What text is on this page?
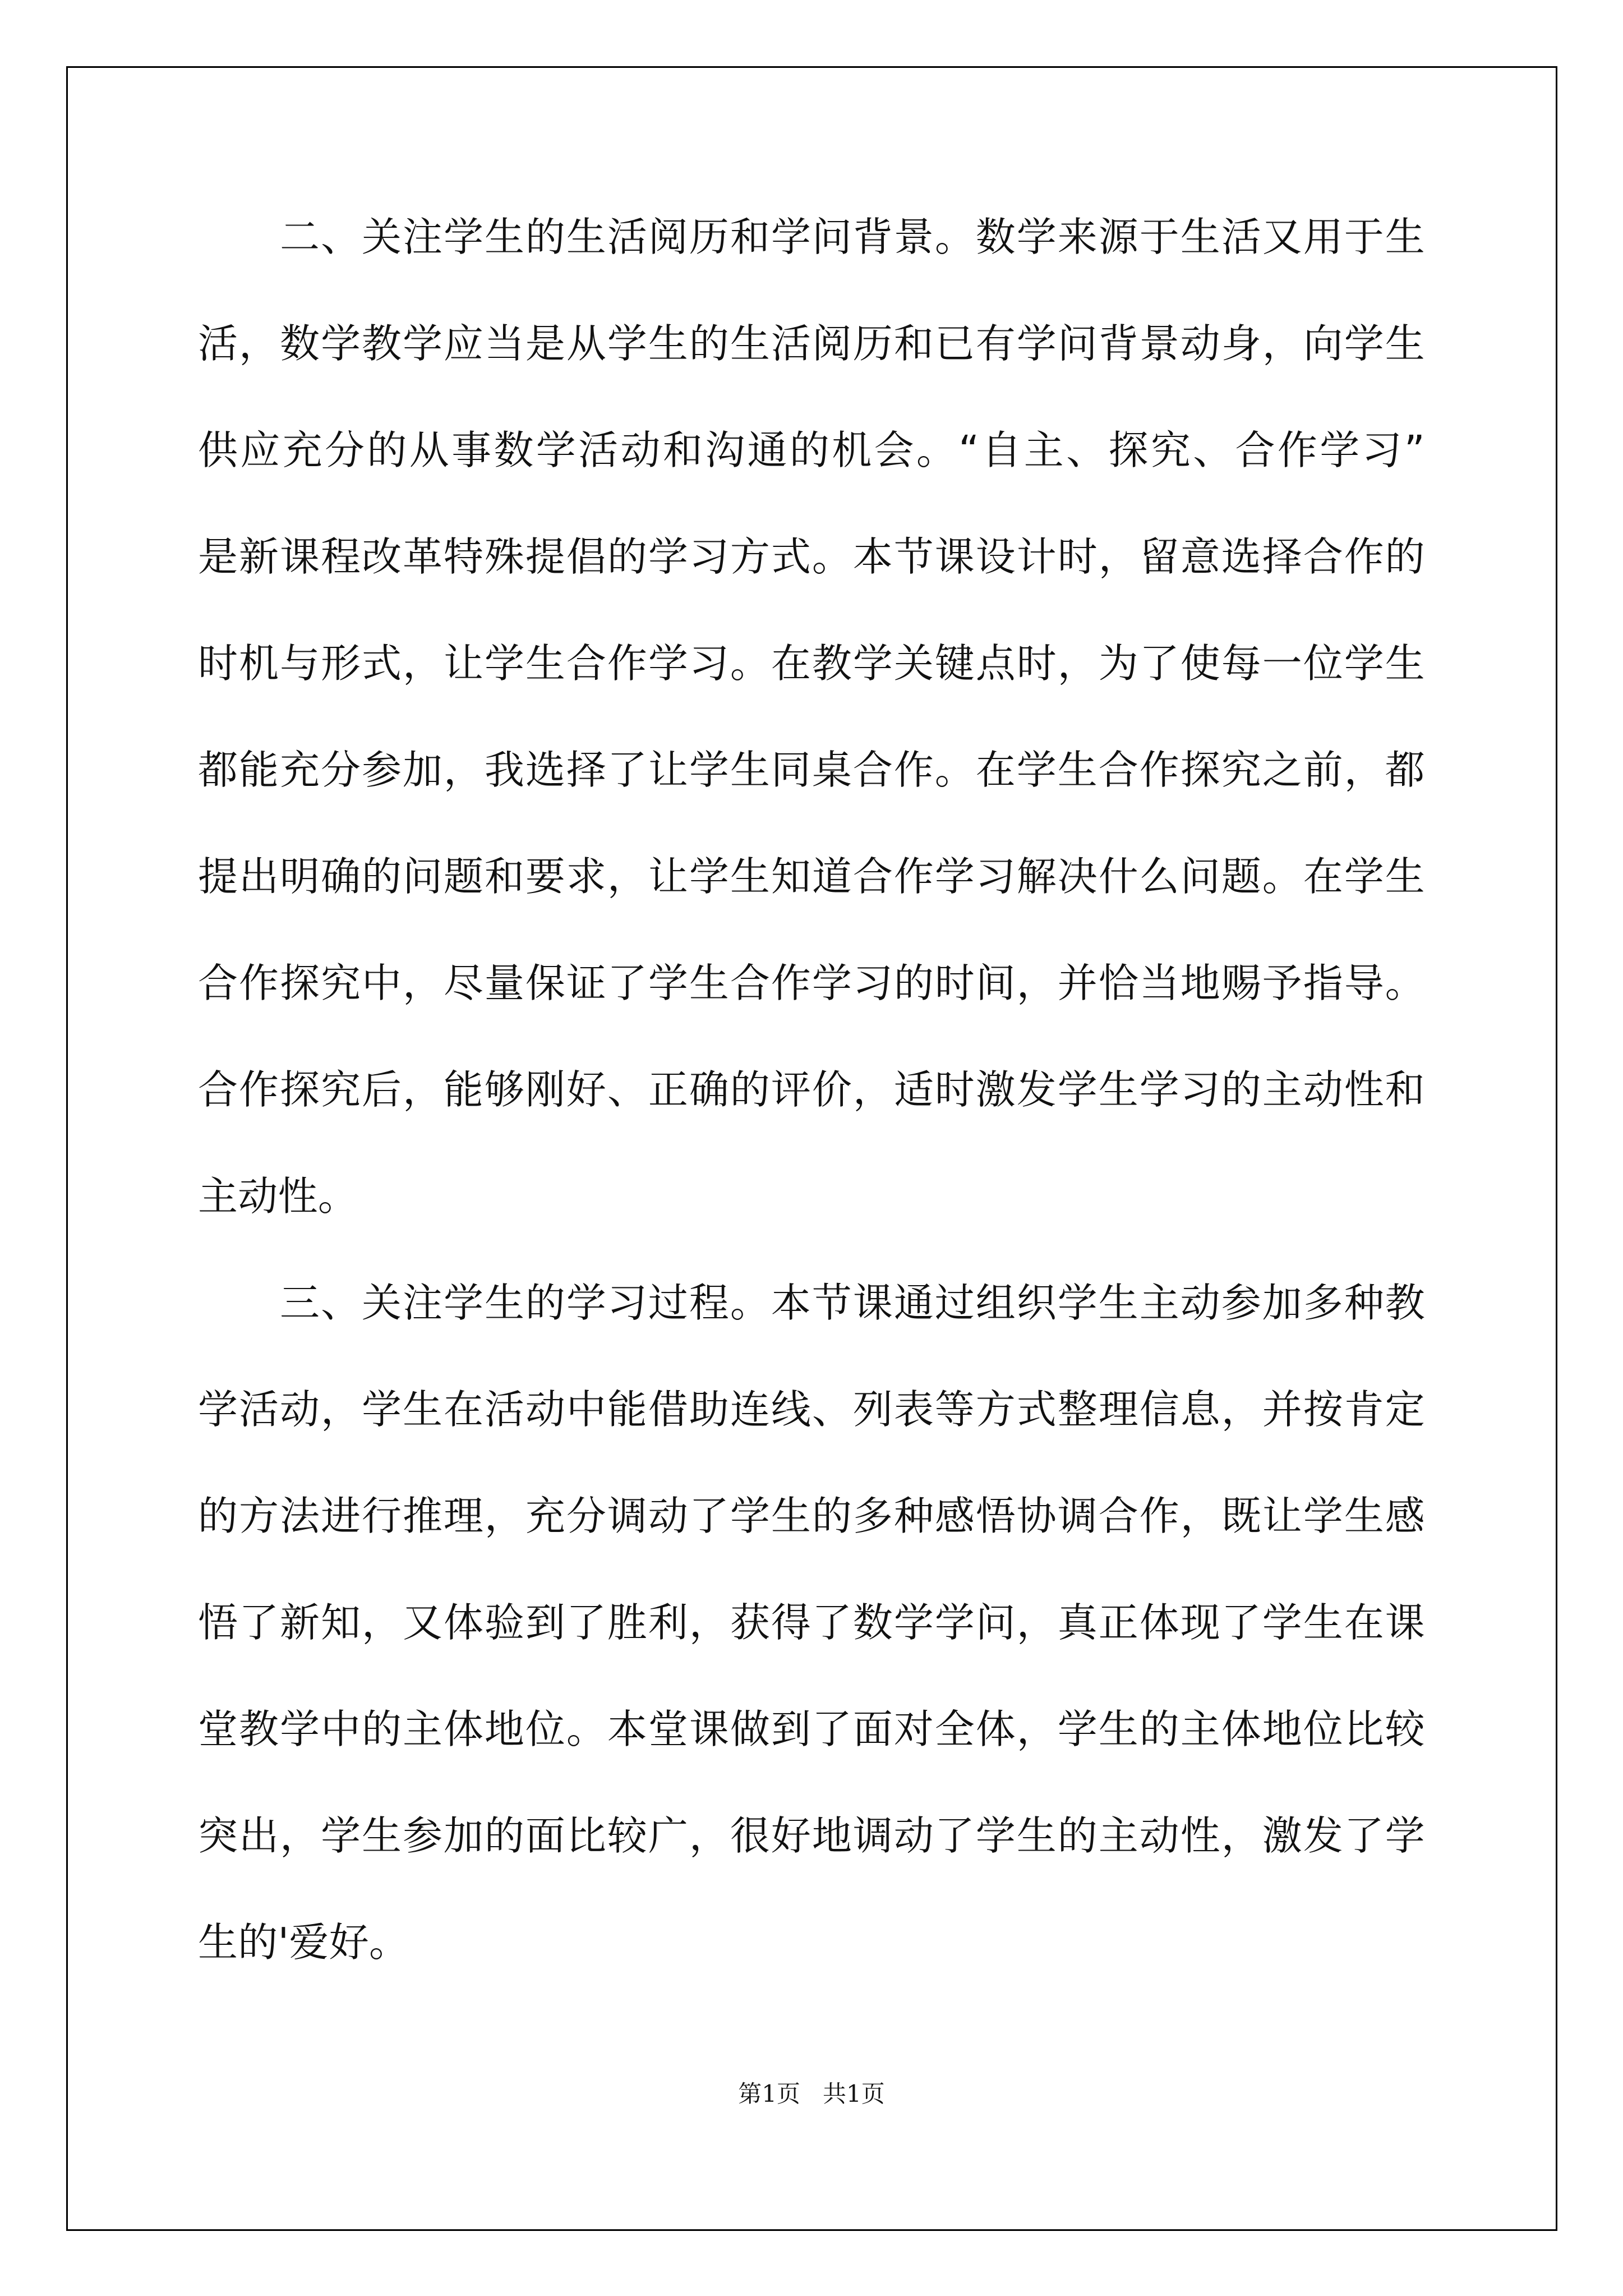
二、关注学生的生活阅历和学问背景。数学来源于生活又用于生
活，数学教学应当是从学生的生活阅历和已有学问背景动身，向学生
供应充分的从事数学活动和沟通的机会。“自主、探究、合作学习”
是新课程改革特殊提倡的学习方式。本节课设计时，留意选择合作的
时机与形式，让学生合作学习。在教学关键点时，为了使每一位学生
都能充分参加，我选择了让学生同桌合作。在学生合作探究之前，都
提出明确的问题和要求，让学生知道合作学习解决什么问题。在学生
合作探究中，尽量保证了学生合作学习的时间，并恰当地赐予指导。
合作探究后，能够刚好、正确的评价，适时激发学生学习的主动性和
主动性。
三、关注学生的学习过程。本节课通过组织学生主动参加多种教
学活动，学生在活动中能借助连线、列表等方式整理信息，并按肯定
的方法进行推理，充分调动了学生的多种感悟协调合作，既让学生感
悟了新知，又体验到了胜利，获得了数学学问，真正体现了学生在课
堂教学中的主体地位。本堂课做到了面对全体，学生的主体地位比较
突出，学生参加的面比较广，很好地调动了学生的主动性，激发了学
生的'爱好。
第1页   共1页
